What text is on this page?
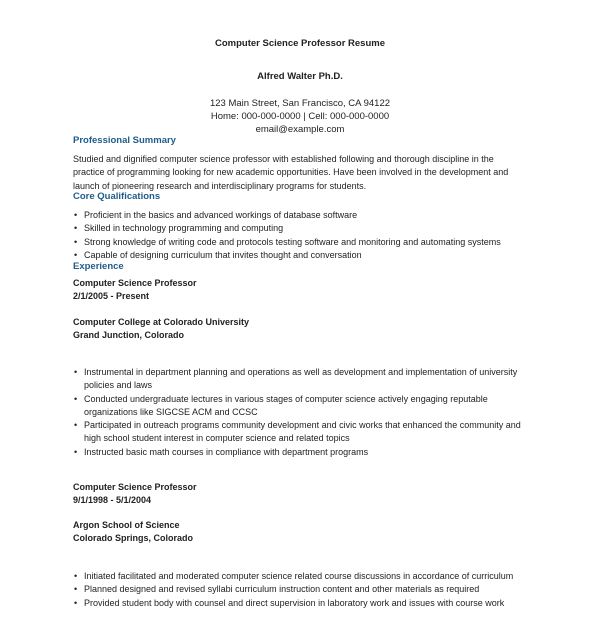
Computer Science Professor Resume
Alfred Walter Ph.D.
123 Main Street, San Francisco, CA 94122
Home: 000-000-0000 | Cell: 000-000-0000
email@example.com
Professional Summary
Studied and dignified computer science professor with established following and thorough discipline in the practice of programming looking for new academic opportunities. Have been involved in the development and launch of pioneering research and interdisciplinary programs for students.
Core Qualifications
• Proficient in the basics and advanced workings of database software
• Skilled in technology programming and computing
• Strong knowledge of writing code and protocols testing software and monitoring and automating systems
• Capable of designing curriculum that invites thought and conversation
Experience
Computer Science Professor
2/1/2005 - Present
Computer College at Colorado University
Grand Junction, Colorado
• Instrumental in department planning and operations as well as development and implementation of university policies and laws
• Conducted undergraduate lectures in various stages of computer science actively engaging reputable organizations like SIGCSE ACM and CCSC
• Participated in outreach programs community development and civic works that enhanced the community and high school student interest in computer science and related topics
• Instructed basic math courses in compliance with department programs
Computer Science Professor
9/1/1998 - 5/1/2004
Argon School of Science
Colorado Springs, Colorado
• Initiated facilitated and moderated computer science related course discussions in accordance of curriculum
• Planned designed and revised syllabi curriculum instruction content and other materials as required
• Provided student body with counsel and direct supervision in laboratory work and issues with course work
